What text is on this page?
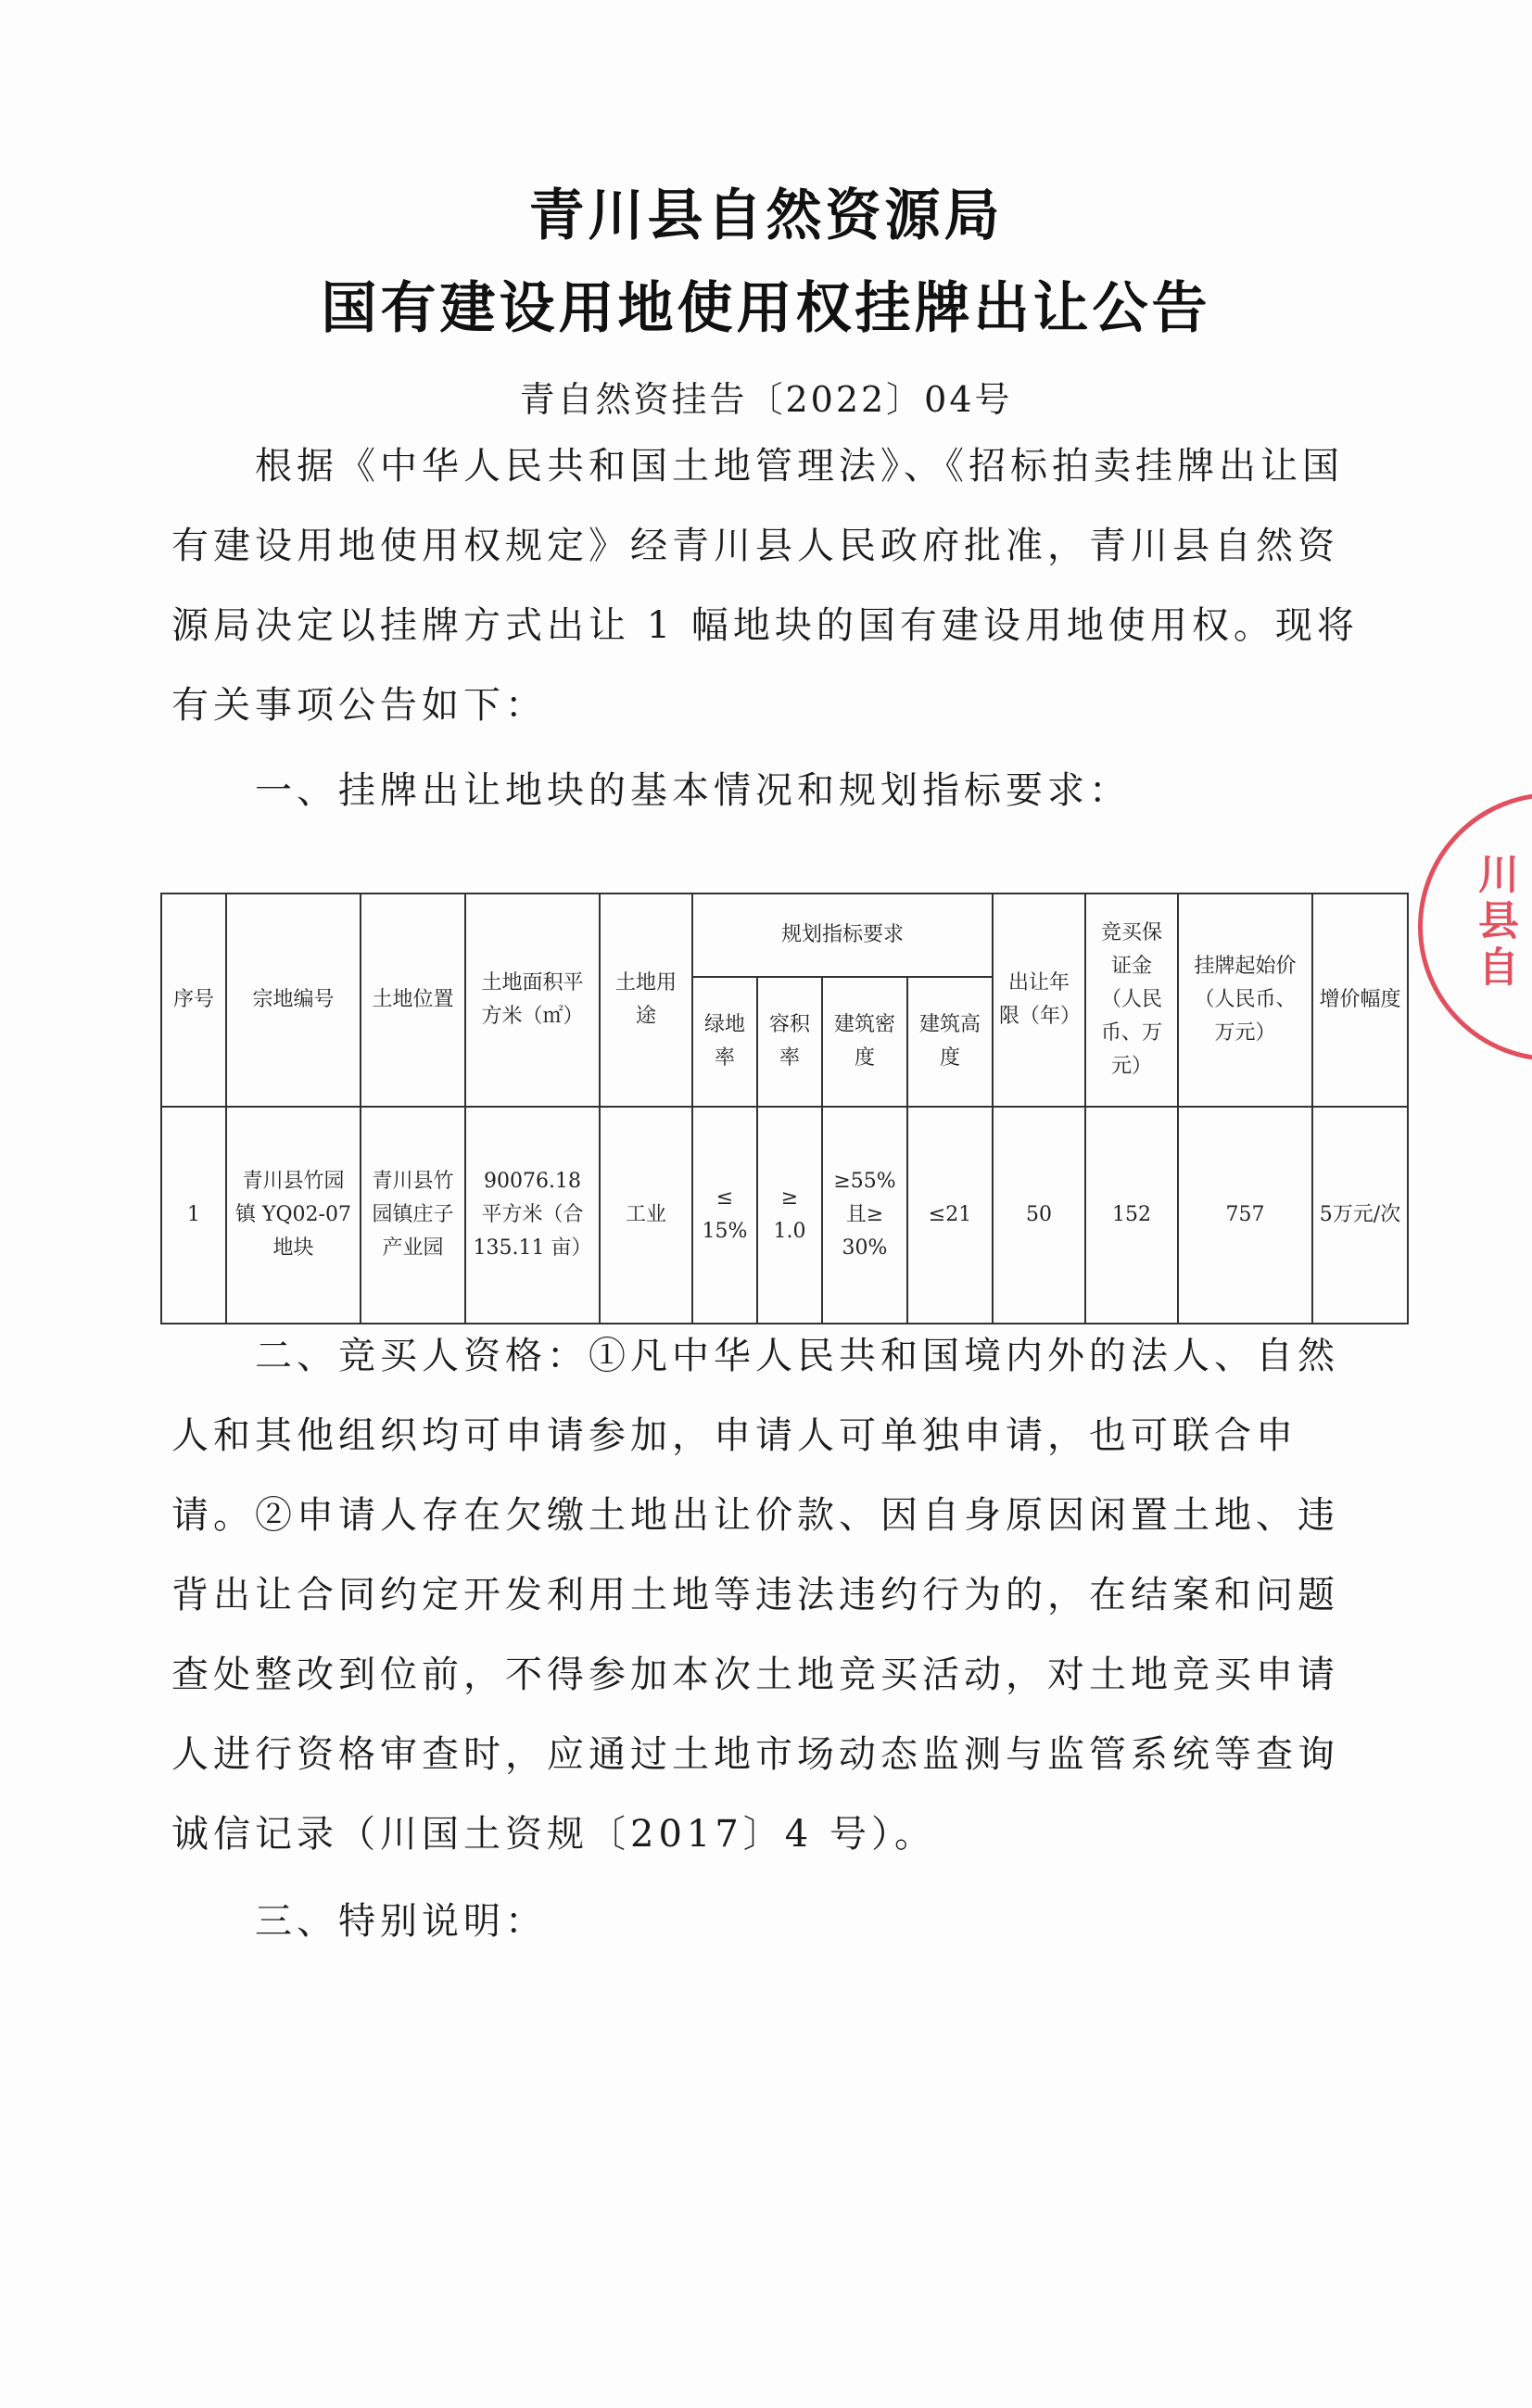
青川县自然资源局
国有建设用地使用权挂牌出让公告
青自然资挂告〔2022〕04号

根据《中华人民共和国土地管理法》、《招标拍卖挂牌出让国有建设用地使用权规定》经青川县人民政府批准，青川县自然资源局决定以挂牌方式出让 1 幅地块的国有建设用地使用权。现将有关事项公告如下：

一、挂牌出让地块的基本情况和规划指标要求：

序号	宗地编号	土地位置	土地面积平方米（㎡）	土地用途	规划指标要求				出让年限（年）	竞买保证金（人民币、万元）	挂牌起始价（人民币、万元）	增价幅度
					绿地率	容积率	建筑密度	建筑高度				
1	青川县竹园镇 YQ02-07 地块	青川县竹园镇庄子产业园	90076.18 平方米（合 135.11 亩）	工业	≤ 15%	≥ 1.0	≥55% 且≥ 30%	≤21	50	152	757	5万元/次

二、竞买人资格：①凡中华人民共和国境内外的法人、自然人和其他组织均可申请参加，申请人可单独申请，也可联合申请。②申请人存在欠缴土地出让价款、因自身原因闲置土地、违背出让合同约定开发利用土地等违法违约行为的，在结案和问题查处整改到位前，不得参加本次土地竞买活动，对土地竞买申请人进行资格审查时，应通过土地市场动态监测与监管系统等查询诚信记录（川国土资规〔2017〕4 号）。

三、特别说明：

川县自
